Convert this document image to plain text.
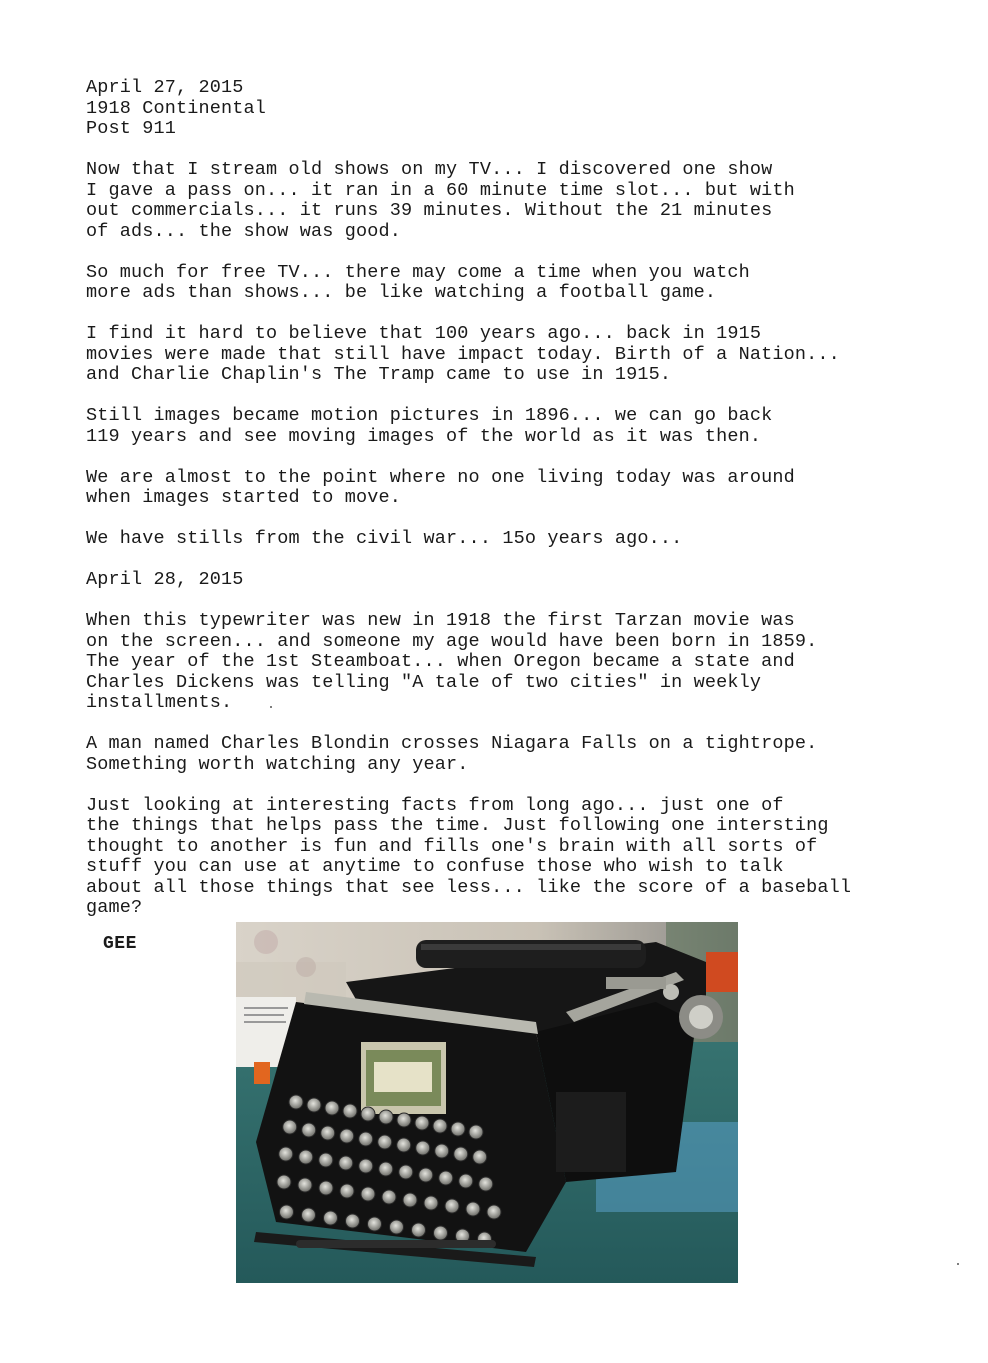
April 27, 2015
1918 Continental
Post 911

Now that I stream old shows on my TV... I discovered one show
I gave a pass on... it ran in a 60 minute time slot... but with
out commercials... it runs 39 minutes. Without the 21 minutes
of ads... the show was good.

So much for free TV... there may come a time when you watch
more ads than shows... be like watching a football game.

I find it hard to believe that 100 years ago... back in 1915
movies were made that still have impact today. Birth of a Nation...
and Charlie Chaplin's The Tramp came to use in 1915.

Still images became motion pictures in 1896... we can go back
119 years and see moving images of the world as it was then.

We are almost to the point where no one living today was around
when images started to move.

We have stills from the civil war... 15o years ago...

April 28, 2015

When this typewriter was new in 1918 the first Tarzan movie was
on the screen... and someone my age would have been born in 1859.
The year of the 1st Steamboat... when Oregon became a state and
Charles Dickens was telling "A tale of two cities" in weekly
installments.

A man named Charles Blondin crosses Niagara Falls on a tightrope.
Something worth watching any year.

Just looking at interesting facts from long ago... just one of
the things that helps pass the time. Just following one intersting
thought to another is fun and fills one's brain with all sorts of
stuff you can use at anytime to confuse those who wish to talk
about all those things that see less... like the score of a baseball
game?

GEE
